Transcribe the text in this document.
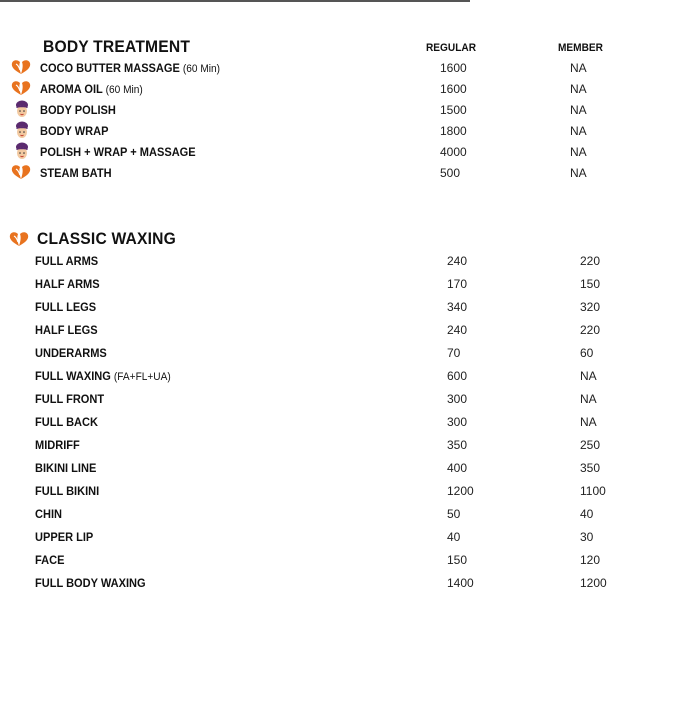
BODY TREATMENT	REGULAR	MEMBER
COCO BUTTER MASSAGE (60 Min)	1600	NA
AROMA OIL (60 Min)	1600	NA
BODY POLISH	1500	NA
BODY WRAP	1800	NA
POLISH + WRAP + MASSAGE	4000	NA
STEAM BATH	500	NA
CLASSIC WAXING
FULL ARMS	240	220
HALF ARMS	170	150
FULL LEGS	340	320
HALF LEGS	240	220
UNDERARMS	70	60
FULL WAXING (FA+FL+UA)	600	NA
FULL FRONT	300	NA
FULL BACK	300	NA
MIDRIFF	350	250
BIKINI LINE	400	350
FULL BIKINI	1200	1100
CHIN	50	40
UPPER LIP	40	30
FACE	150	120
FULL BODY WAXING	1400	1200
